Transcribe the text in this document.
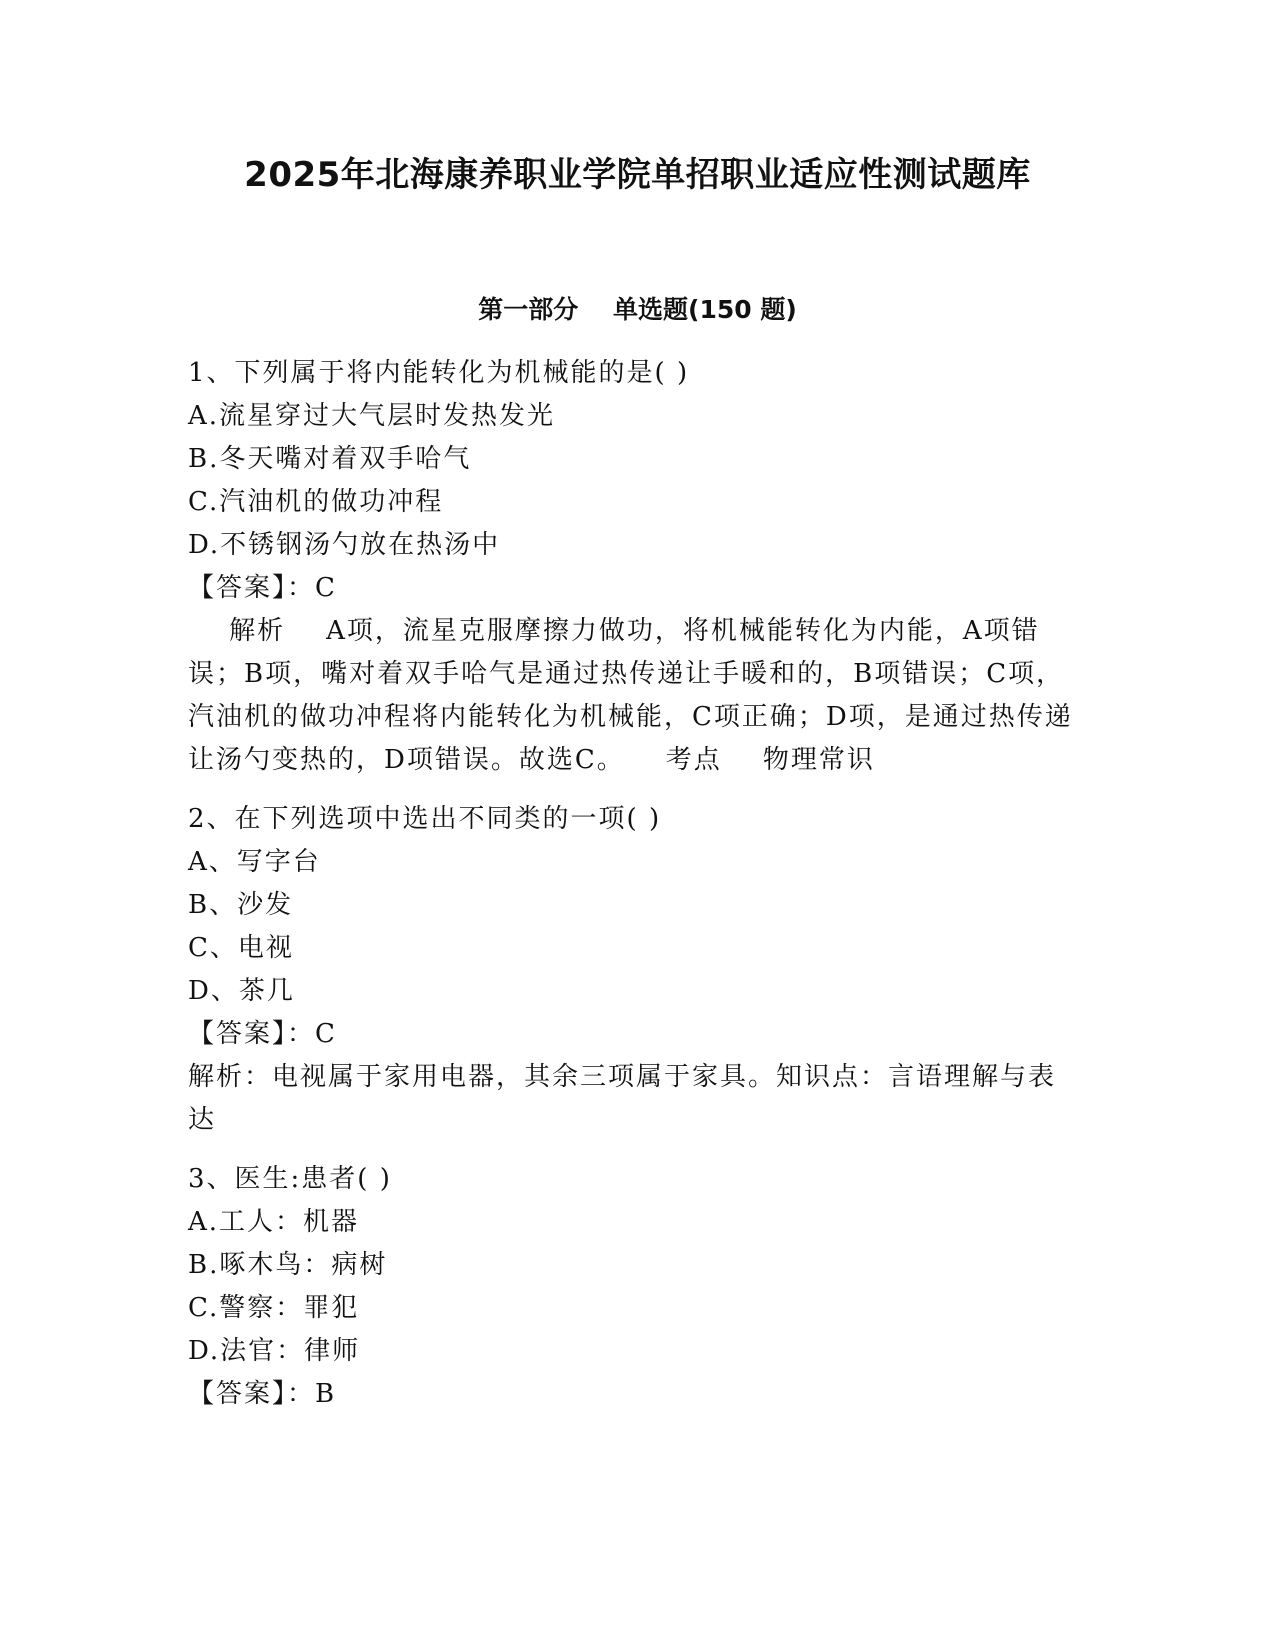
2025年北海康养职业学院单招职业适应性测试题库
第一部分    单选题(150 题)
1、下列属于将内能转化为机械能的是( )
A.流星穿过大气层时发热发光
B.冬天嘴对着双手哈气
C.汽油机的做功冲程
D.不锈钢汤勺放在热汤中
【答案】：C
解析    A项，流星克服摩擦力做功，将机械能转化为内能，A项错误；B项，嘴对着双手哈气是通过热传递让手暖和的，B项错误；C项，汽油机的做功冲程将内能转化为机械能，C项正确；D项，是通过热传递让汤勺变热的，D项错误。故选C。    考点    物理常识
2、在下列选项中选出不同类的一项( )
A、写字台
B、沙发
C、电视
D、茶几
【答案】：C
解析：电视属于家用电器，其余三项属于家具。知识点：言语理解与表达
3、医生:患者( )
A.工人：机器
B.啄木鸟：病树
C.警察：罪犯
D.法官：律师
【答案】：B
